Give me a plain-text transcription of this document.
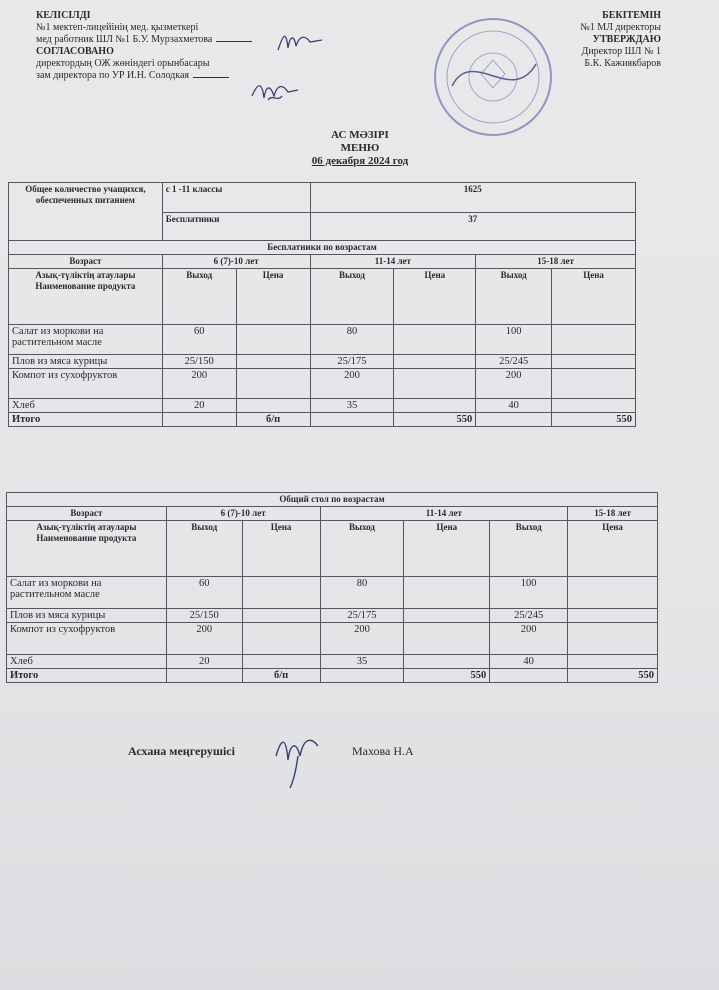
КЕЛІСІЛДІ
№1 мектеп-лицейінің мед. қызметкері
мед работник ШЛ №1 Б.У. Мурзахметова
СОГЛАСОВАНО
директордың ОЖ жөніндегі орынбасары
зам директора по УР И.Н. Солодкая
БЕКІТЕМІН
№1 МЛ директоры
УТВЕРЖДАЮ
Директор ШЛ № 1
Б.К. Кажиякбаров
АС МӘЗІРІ
МЕНЮ
06 декабря 2024 год
Общее количество учащихся, обеспеченных питанием	с 1 -11 классы		1625			
	Бесплатники		37			
Бесплатники по возрастам						
Возраст	6 (7)-10 лет		11-14 лет		15-18 лет	
Азық-түліктің атаулары Наименование продукта	Выход	Цена	Выход	Цена	Выход	Цена
Салат из моркови на растительном масле	60		80		100	
Плов из мяса курицы	25/150		25/175		25/245	
Компот из сухофруктов	200		200		200	
Хлеб	20		35		40	
Итого		б/п		550		550
Общий стол по возрастам						
Возраст	6 (7)-10 лет		11-14 лет			15-18 лет
Азық-түліктің атаулары Наименование продукта	Выход	Цена	Выход	Цена	Выход	Цена
Салат из моркови на растительном масле	60		80		100	
Плов из мяса курицы	25/150		25/175		25/245	
Компот из сухофруктов	200		200		200	
Хлеб	20		35		40	
Итого		б/п		550		550
Асхана меңгерушісі	Махова Н.А
